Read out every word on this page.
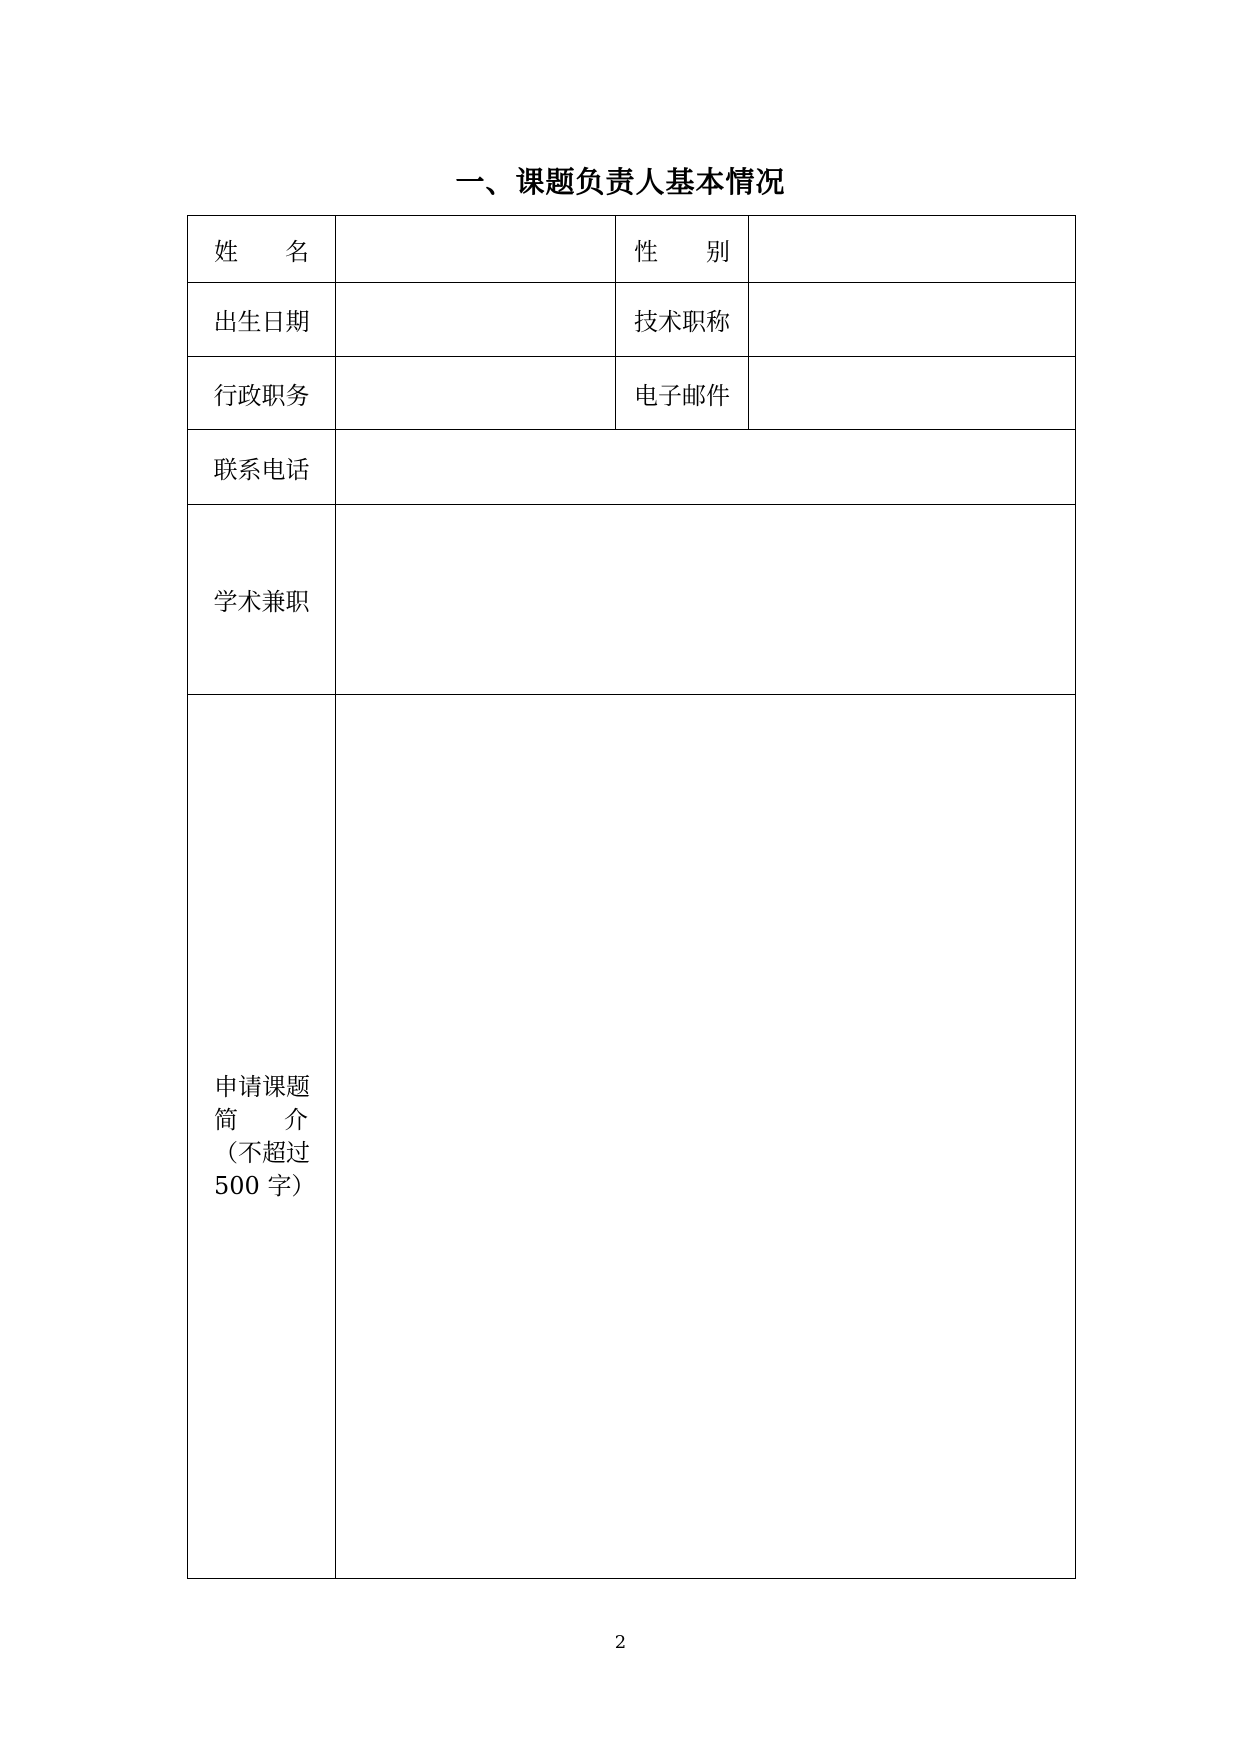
一、课题负责人基本情况
姓 名		性 别	

出生日期		技术职称	
行政职务		电子邮件	
联系电话			
学术兼职			

申请课题
简 介
（不超过
500 字）			

2
